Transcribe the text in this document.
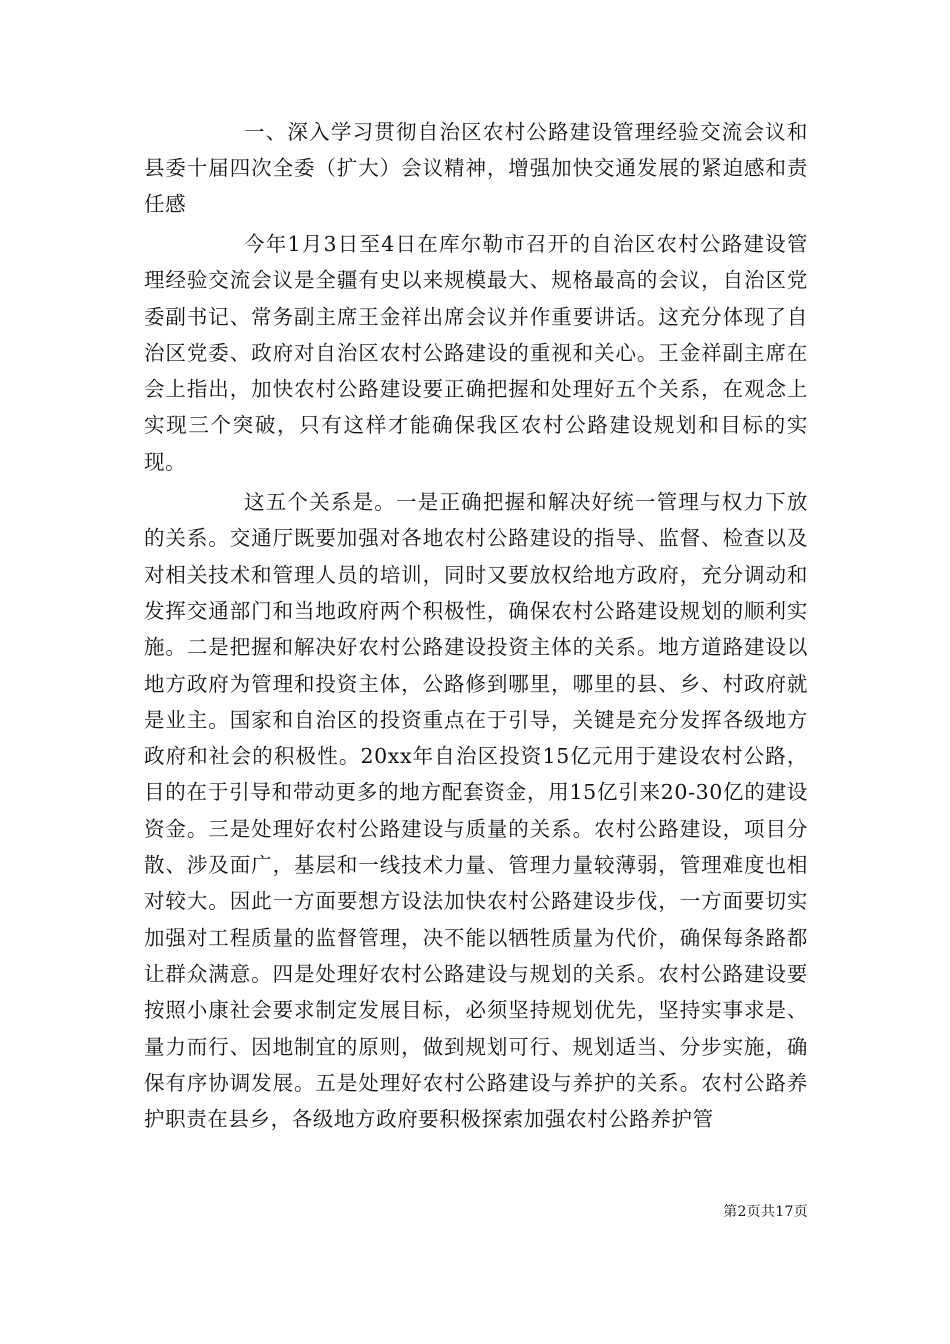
一、深入学习贯彻自治区农村公路建设管理经验交流会议和县委十届四次全委（扩大）会议精神，增强加快交通发展的紧迫感和责任感

今年1月3日至4日在库尔勒市召开的自治区农村公路建设管理经验交流会议是全疆有史以来规模最大、规格最高的会议，自治区党委副书记、常务副主席王金祥出席会议并作重要讲话。这充分体现了自治区党委、政府对自治区农村公路建设的重视和关心。王金祥副主席在会上指出，加快农村公路建设要正确把握和处理好五个关系，在观念上实现三个突破，只有这样才能确保我区农村公路建设规划和目标的实现。

这五个关系是。一是正确把握和解决好统一管理与权力下放的关系。交通厅既要加强对各地农村公路建设的指导、监督、检查以及对相关技术和管理人员的培训，同时又要放权给地方政府，充分调动和发挥交通部门和当地政府两个积极性，确保农村公路建设规划的顺利实施。二是把握和解决好农村公路建设投资主体的关系。地方道路建设以地方政府为管理和投资主体，公路修到哪里，哪里的县、乡、村政府就是业主。国家和自治区的投资重点在于引导，关键是充分发挥各级地方政府和社会的积极性。20xx年自治区投资15亿元用于建设农村公路，目的在于引导和带动更多的地方配套资金，用15亿引来20-30亿的建设资金。三是处理好农村公路建设与质量的关系。农村公路建设，项目分散、涉及面广，基层和一线技术力量、管理力量较薄弱，管理难度也相对较大。因此一方面要想方设法加快农村公路建设步伐，一方面要切实加强对工程质量的监督管理，决不能以牺牲质量为代价，确保每条路都让群众满意。四是处理好农村公路建设与规划的关系。农村公路建设要按照小康社会要求制定发展目标，必须坚持规划优先，坚持实事求是、量力而行、因地制宜的原则，做到规划可行、规划适当、分步实施，确保有序协调发展。五是处理好农村公路建设与养护的关系。农村公路养护职责在县乡，各级地方政府要积极探索加强农村公路养护管

第2页共17页
